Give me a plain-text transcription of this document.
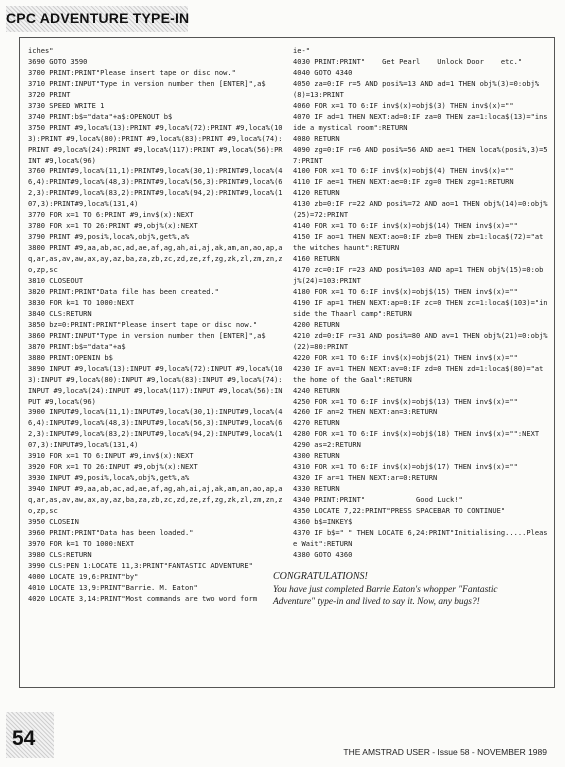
CPC ADVENTURE TYPE-IN
iches"
3690 GOTO 3590
3700 PRINT:PRINT"Please insert tape or disc now."
3710 PRINT:INPUT"Type in version number then [ENTER]",a$
3720 PRINT
3730 SPEED WRITE 1
3740 PRINT:b$="data"+a$:OPENOUT b$
3750 PRINT #9,loca%(13):PRINT #9,loca%(72):PRINT #9,loca%(103):PRINT #9,loca%(80):PRINT #9,loca%(83):PRINT #9,loca%(74):PRINT #9,loca%(24):PRINT #9,loca%(117):PRINT #9,loca%(56):PRINT #9,loca%(96)
3760 PRINT#9,loca%(11,1):PRINT#9,loca%(30,1):PRINT#9,loca%(46,4):PRINT#9,loca%(48,3):PRINT#9,loca%(56,3):PRINT#9,loca%(62,3):PRINT#9,loca%(83,2):PRINT#9,loca%(94,2):PRINT#9,loca%(107,3):PRINT#9,loca%(131,4)
3770 FOR x=1 TO 6:PRINT #9,inv$(x):NEXT
3780 FOR x=1 TO 26:PRINT #9,obj%(x):NEXT
3790 PRINT #9,posi%,loca%,obj%,get%,a%
3800 PRINT #9,aa,ab,ac,ad,ae,af,ag,ah,ai,aj,ak,am,an,ao,ap,aq,ar,as,av,aw,ax,ay,az,ba,za,zb,zc,zd,ze,zf,zg,zk,zl,zm,zn,zo,zp,sc
3810 CLOSEOUT
3820 PRINT:PRINT"Data file has been created."
3830 FOR k=1 TO 1000:NEXT
3840 CLS:RETURN
3850 bz=0:PRINT:PRINT"Please insert tape or disc now."
3860 PRINT:INPUT"Type in version number then [ENTER]",a$
3870 PRINT:b$="data"+a$
3880 PRINT:OPENIN b$
3890 INPUT #9,loca%(13):INPUT #9,loca%(72):INPUT #9,loca%(103):INPUT #9,loca%(80):INPUT #9,loca%(83):INPUT #9,loca%(74):INPUT #9,loca%(24):INPUT #9,loca%(117):INPUT #9,loca%(56):INPUT #9,loca%(96)
3900 INPUT#9,loca%(11,1):INPUT#9,loca%(30,1):INPUT#9,loca%(46,4):INPUT#9,loca%(48,3):INPUT#9,loca%(56,3):INPUT#9,loca%(62,3):INPUT#9,loca%(83,2):INPUT#9,loca%(94,2):INPUT#9,loca%(107,3):INPUT#9,loca%(131,4)
3910 FOR x=1 TO 6:INPUT #9,inv$(x):NEXT
3920 FOR x=1 TO 26:INPUT #9,obj%(x):NEXT
3930 INPUT #9,posi%,loca%,obj%,get%,a%
3940 INPUT #9,aa,ab,ac,ad,ae,af,ag,ah,ai,aj,ak,am,an,ao,ap,aq,ar,as,av,aw,ax,ay,az,ba,za,zb,zc,zd,ze,zf,zg,zk,zl,zm,zn,zo,zp,sc
3950 CLOSEIN
3960 PRINT:PRINT"Data has been loaded."
3970 FOR k=1 TO 1000:NEXT
3980 CLS:RETURN
3990 CLS:PEN 1:LOCATE 11,3:PRINT"FANTASTIC ADVENTURE"
4000 LOCATE 19,6:PRINT"by"
4010 LOCATE 13,9:PRINT"Barrie. M. Eaton"
4020 LOCATE 3,14:PRINT"Most commands are two word form
ie-"
4030 PRINT:PRINT"    Get Pearl    Unlock Door    etc."
4040 GOTO 4340
4050 za=0:IF r=5 AND posi%=13 AND ad=1 THEN obj%(3)=0:obj%(8)=13:PRINT
4060 FOR x=1 TO 6:IF inv$(x)=obj$(3) THEN inv$(x)=""
4070 IF ad=1 THEN NEXT:ad=0:IF za=0 THEN za=1:loca$(13)="inside a mystical room":RETURN
4080 RETURN
4090 zg=0:IF r=6 AND posi%=56 AND ae=1 THEN loca%(posi%,3)=57:PRINT
4100 FOR x=1 TO 6:IF inv$(x)=obj$(4) THEN inv$(x)=""
4110 IF ae=1 THEN NEXT:ae=0:IF zg=0 THEN zg=1:RETURN
4120 RETURN
4130 zb=0:IF r=22 AND posi%=72 AND ao=1 THEN obj%(14)=0:obj%(25)=72:PRINT
4140 FOR x=1 TO 6:IF inv$(x)=obj$(14) THEN inv$(x)=""
4150 IF ao=1 THEN NEXT:ao=0:IF zb=0 THEN zb=1:loca$(72)="at the witches haunt":RETURN
4160 RETURN
4170 zc=0:IF r=23 AND posi%=103 AND ap=1 THEN obj%(15)=0:obj%(24)=103:PRINT
4180 FOR x=1 TO 6:IF inv$(x)=obj$(15) THEN inv$(x)=""
4190 IF ap=1 THEN NEXT:ap=0:IF zc=0 THEN zc=1:loca$(103)="inside the Thaarl camp":RETURN
4200 RETURN
4210 zd=0:IF r=31 AND posi%=80 AND av=1 THEN obj%(21)=0:obj%(22)=80:PRINT
4220 FOR x=1 TO 6:IF inv$(x)=obj$(21) THEN inv$(x)=""
4230 IF av=1 THEN NEXT:av=0:IF zd=0 THEN zd=1:loca$(80)="at the home of the Gaal":RETURN
4240 RETURN
4250 FOR x=1 TO 6:IF inv$(x)=obj$(13) THEN inv$(x)=""
4260 IF an=2 THEN NEXT:an=3:RETURN
4270 RETURN
4280 FOR x=1 TO 6:IF inv$(x)=obj$(18) THEN inv$(x)="":NEXT
4290 as=2:RETURN
4300 RETURN
4310 FOR x=1 TO 6:IF inv$(x)=obj$(17) THEN inv$(x)=""
4320 IF ar=1 THEN NEXT:ar=0:RETURN
4330 RETURN
4340 PRINT:PRINT"            Good Luck!"
4350 LOCATE 7,22:PRINT"PRESS SPACEBAR TO CONTINUE"
4360 b$=INKEY$
4370 IF b$=" " THEN LOCATE 6,24:PRINT"Initialising.....Please Wait":RETURN
4380 GOTO 4360
CONGRATULATIONS!
You have just completed Barrie Eaton's whopper "Fantastic Adventure" type-in and lived to say it. Now, any bugs?!
54
THE AMSTRAD USER - Issue 58 - NOVEMBER 1989
